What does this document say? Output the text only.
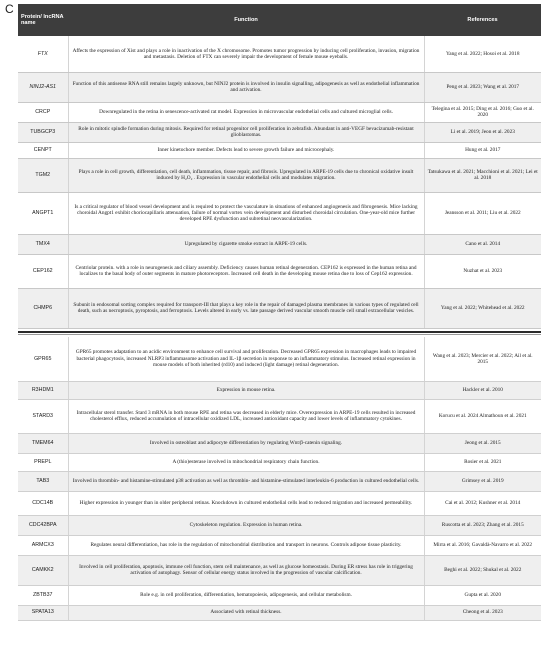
C
Protein/ lncRNA name	Function	References
FTX	Affects the expression of Xist and plays a role in inactivation of the X chromosome. Promotes tumor progression by inducing cell proliferation, invasion, migration and metastasis. Deletion of FTX can severely impair the development of female mouse eyeballs.	Yang et al. 2022; Hosoi et al. 2018
NINJ2-AS1	Function of this antisense RNA still remains largely unknown, but NINJ2 protein is involved in insulin signalling, adipogenesis as well as endothelial inflammation and activation.	Peng et al. 2023; Wang et al. 2017
CRCP	Downregulated in the retina in senescence-activated rat model. Expression in microvascular endothelial cells and cultured microglial cells.	Telegina et al. 2015; Ding et al. 2016; Guo et al. 2020
TUBGCP3	Role in mitotic spindle formation during mitosis. Required for retinal progenitor cell proliferation in zebrafish. Abundant in anti-VEGF bevacizumab-resistant glioblastomas.	Li et al. 2019; Jeon et al. 2023
CENPT	Inner kinetochore member. Defects lead to severe growth failure and microcephaly.	Hung et al. 2017
TGM2	Plays a role in cell growth, differentiation, cell death, inflammation, tissue repair, and fibrosis. Upregulated in ARPE-19 cells due to chronical oxidative insult induced by H₂O₂ . Expression in vascular endothelial cells and modulates migration.	Tatsukawa et al. 2021; Macchioni et al. 2021; Lei et al. 2018
ANGPT1	Is a critical regulator of blood vessel development and is required to protect the vasculature in situations of enhanced angiogenesis and fibrogenesis. Mice lacking choroidal Angpt1 exhibit choriocapillaris attenuation, failure of normal vortex vein development and disturbed choroidal circulation. One-year-old mice further developed RPE dysfunction and subretinal neovascularization.	Jeansson et al. 2011; Liu et al. 2022
TMX4	Upregulated by cigarette smoke extract in ARPE-19 cells.	Cano et al. 2014
CEP162	Centriolar protein. with a role in neurogenesis and ciliary assembly. Deficiency causes human retinal degeneration. CEP162 is expressed in the human retina and localizes to the basal body of outer segments in mature photoreceptors. Increased cell death in the developing mouse retina due to loss of Cep162 expression.	Nuzhat et al. 2023
CHMP6	Subunit in endosomal sorting complex required for transport-III that plays a key role in the repair of damaged plasma membranes in various types of regulated cell death, such as necroptosis, pyroptosis, and ferroptosis. Levels altered in early vs. late passage derived vascular smooth muscle cell small extracellular vesicles.	Yang et al. 2022; Whitehead et al. 2022
GPR65	GPR65 promotes adaptation to an acidic environment to enhance cell survival and proliferation. Decreased GPR65 expression in macrophages leads to impaired bacterial phagocytosis, increased NLRP3 inflammasome activation and IL-1β secretion in response to an inflammatory stimulus. Increased retinal expression in mouse models of both inherited (rd10) and induced (light damage) retinal degeneration.	Wang et al. 2023; Mercier et al. 2022; Ail et al. 2015
R3HDM1	Expression in mouse retina.	Hackler et al. 2010
STARD3	Intracellular sterol transfer. Stard 3 mRNA in both mouse RPE and retina was decreased in elderly mice. Overexpression in ARPE-19 cells resulted in increased cholesterol efflux, reduced accumulation of intracellular oxidized LDL, increased antioxidant capacity and lower levels of inflammatory cytokines.	Korucu et al. 2024 Almathoun et al. 2021
TMEM64	Involved in osteoblast and adipocyte differentiation by regulating Wnt/β-catenin signaling.	Jeong et al. 2015
PREPL	A (thio)esterase involved in mitochondrial respiratory chain function.	Rosier et al. 2021
TAB3	Involved in thrombin- and histamine-stimulated p38 activation as well as thrombin- and histamine-stimulated interleukin-6 production in cultured endothelial cells.	Grimsey et al. 2019
CDC14B	Higher expression in younger than in older peripheral retinas. Knockdown in cultured endothelial cells lead to reduced migration and increased permeability.	Cai et al. 2012; Kushner et al. 2014
CDC42BPA	Cytoskeleton regulation. Expression in human retina.	Ruscotta et al. 2023; Zhang et al. 2015
ARMCX3	Regulates neural differentiation, has role in the regulation of mitochondrial distribution and transport in neurons. Controls adipose tissue plasticity.	Mirra et al. 2016; Gavaldà-Navarro et al. 2022
CAMKK2	Involved in cell proliferation, apoptosis, immune cell function, stem cell maintenance, as well as glucose homeostasis. During ER stress has role in triggering activation of autophagy. Sensor of cellular energy status involved in the progression of vascular calcification.	Beghi et al. 2022; Shukal et al. 2022
ZBTB37	Role e.g. in cell proliferation, differentiation, hematopoiesis, adipogenesis, and cellular metabolism.	Gupta et al. 2020
SPATA13	Associated with retinal thickness.	Cheong et al. 2023
